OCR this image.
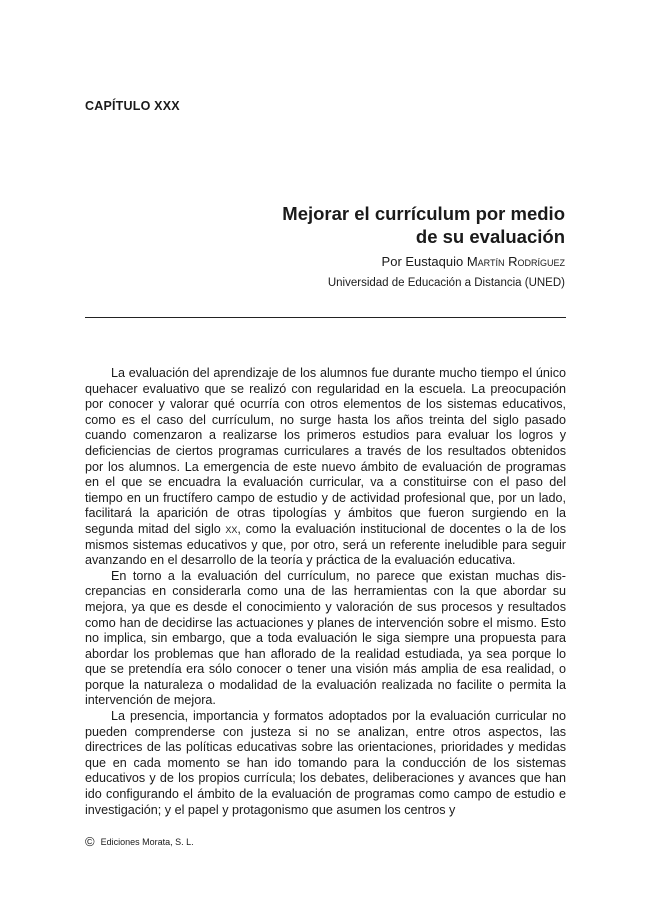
CAPÍTULO XXX
Mejorar el currículum por medio
de su evaluación
Por Eustaquio Martín Rodríguez
Universidad de Educación a Distancia (UNED)

La evaluación del aprendizaje de los alumnos fue durante mucho tiempo el único quehacer evaluativo que se realizó con regularidad en la escuela. La preocupación por conocer y valorar qué ocurría con otros elementos de los sistemas educativos, como es el caso del currículum, no surge hasta los años treinta del siglo pasado cuando comenzaron a realizarse los primeros estudios para evaluar los logros y deficiencias de ciertos programas curriculares a través de los resultados obtenidos por los alumnos. La emergencia de este nuevo ámbito de evaluación de programas en el que se encuadra la evaluación curricular, va a constituirse con el paso del tiempo en un fructífero campo de estudio y de actividad profesional que, por un lado, facilitará la aparición de otras tipologías y ámbitos que fueron surgiendo en la segunda mitad del siglo xx, como la evaluación institucional de docentes o la de los mismos sistemas educativos y que, por otro, será un referente ineludible para seguir avanzando en el desarrollo de la teoría y práctica de la evaluación educativa.

En torno a la evaluación del currículum, no parece que existan muchas discrepancias en considerarla como una de las herramientas con la que abordar su mejora, ya que es desde el conocimiento y valoración de sus procesos y resultados como han de decidirse las actuaciones y planes de intervención sobre el mismo. Esto no implica, sin embargo, que a toda evaluación le siga siempre una propuesta para abordar los problemas que han aflorado de la realidad estudiada, ya sea porque lo que se pretendía era sólo conocer o tener una visión más amplia de esa realidad, o porque la naturaleza o modalidad de la evaluación realizada no facilite o permita la intervención de mejora.

La presencia, importancia y formatos adoptados por la evaluación curricular no pueden comprenderse con justeza si no se analizan, entre otros aspectos, las directrices de las políticas educativas sobre las orientaciones, prioridades y medidas que en cada momento se han ido tomando para la conducción de los sistemas educativos y de los propios currícula; los debates, deliberaciones y avances que han ido configurando el ámbito de la evaluación de programas como campo de estudio e investigación; y el papel y protagonismo que asumen los centros y

© Ediciones Morata, S. L.
